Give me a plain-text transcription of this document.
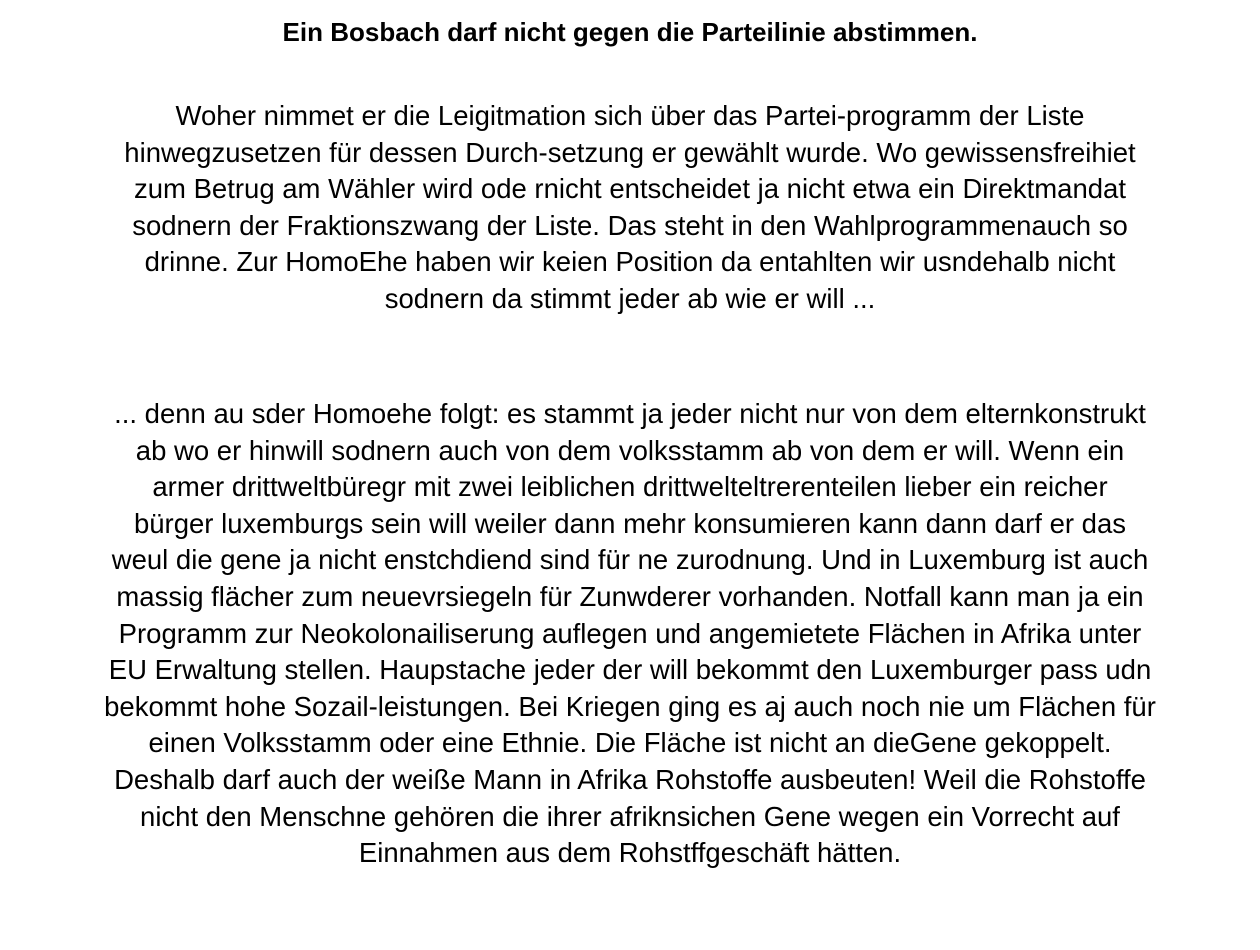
Ein Bosbach darf nicht gegen die Parteilinie abstimmen.
Woher nimmet er die Leigitmation sich über das Partei-programm der Liste
hinwegzusetzen für dessen Durch-setzung er gewählt wurde. Wo gewissensfreihiet
zum Betrug am Wähler wird ode rnicht entscheidet ja nicht etwa ein Direktmandat
sodnern der Fraktionszwang der Liste. Das steht in den Wahlprogrammenauch so
drinne. Zur HomoEhe haben wir keien Position da entahlten wir usndehalb nicht
sodnern da stimmt jeder ab wie er will ...
... denn au sder Homoehe folgt: es stammt ja jeder nicht nur von dem elternkonstrukt
ab wo er hinwill sodnern auch von dem volksstamm ab von dem er will. Wenn ein
armer drittweltbüregr mit zwei leiblichen drittwelteltrerenteilen lieber ein reicher
bürger luxemburgs sein will weiler dann mehr konsumieren kann dann darf er das
weul die gene ja nicht enstchdiend sind für ne zurodnung. Und in Luxemburg ist auch
massig flächer zum neuevrsiegeln für Zunwderer vorhanden. Notfall kann man ja ein
Programm zur Neokolonailiserung auflegen und angemietete Flächen in Afrika unter
EU Erwaltung stellen. Haupstache jeder der will bekommt den Luxemburger pass udn
bekommt hohe Sozail-leistungen. Bei Kriegen ging es aj auch noch nie um Flächen für
einen Volksstamm oder eine Ethnie. Die Fläche ist nicht an dieGene gekoppelt.
Deshalb darf auch der weiße Mann in Afrika Rohstoffe ausbeuten! Weil die Rohstoffe
nicht den Menschne gehören die ihrer afriknsichen Gene wegen ein Vorrecht auf
Einnahmen aus dem Rohstffgeschäft hätten.
